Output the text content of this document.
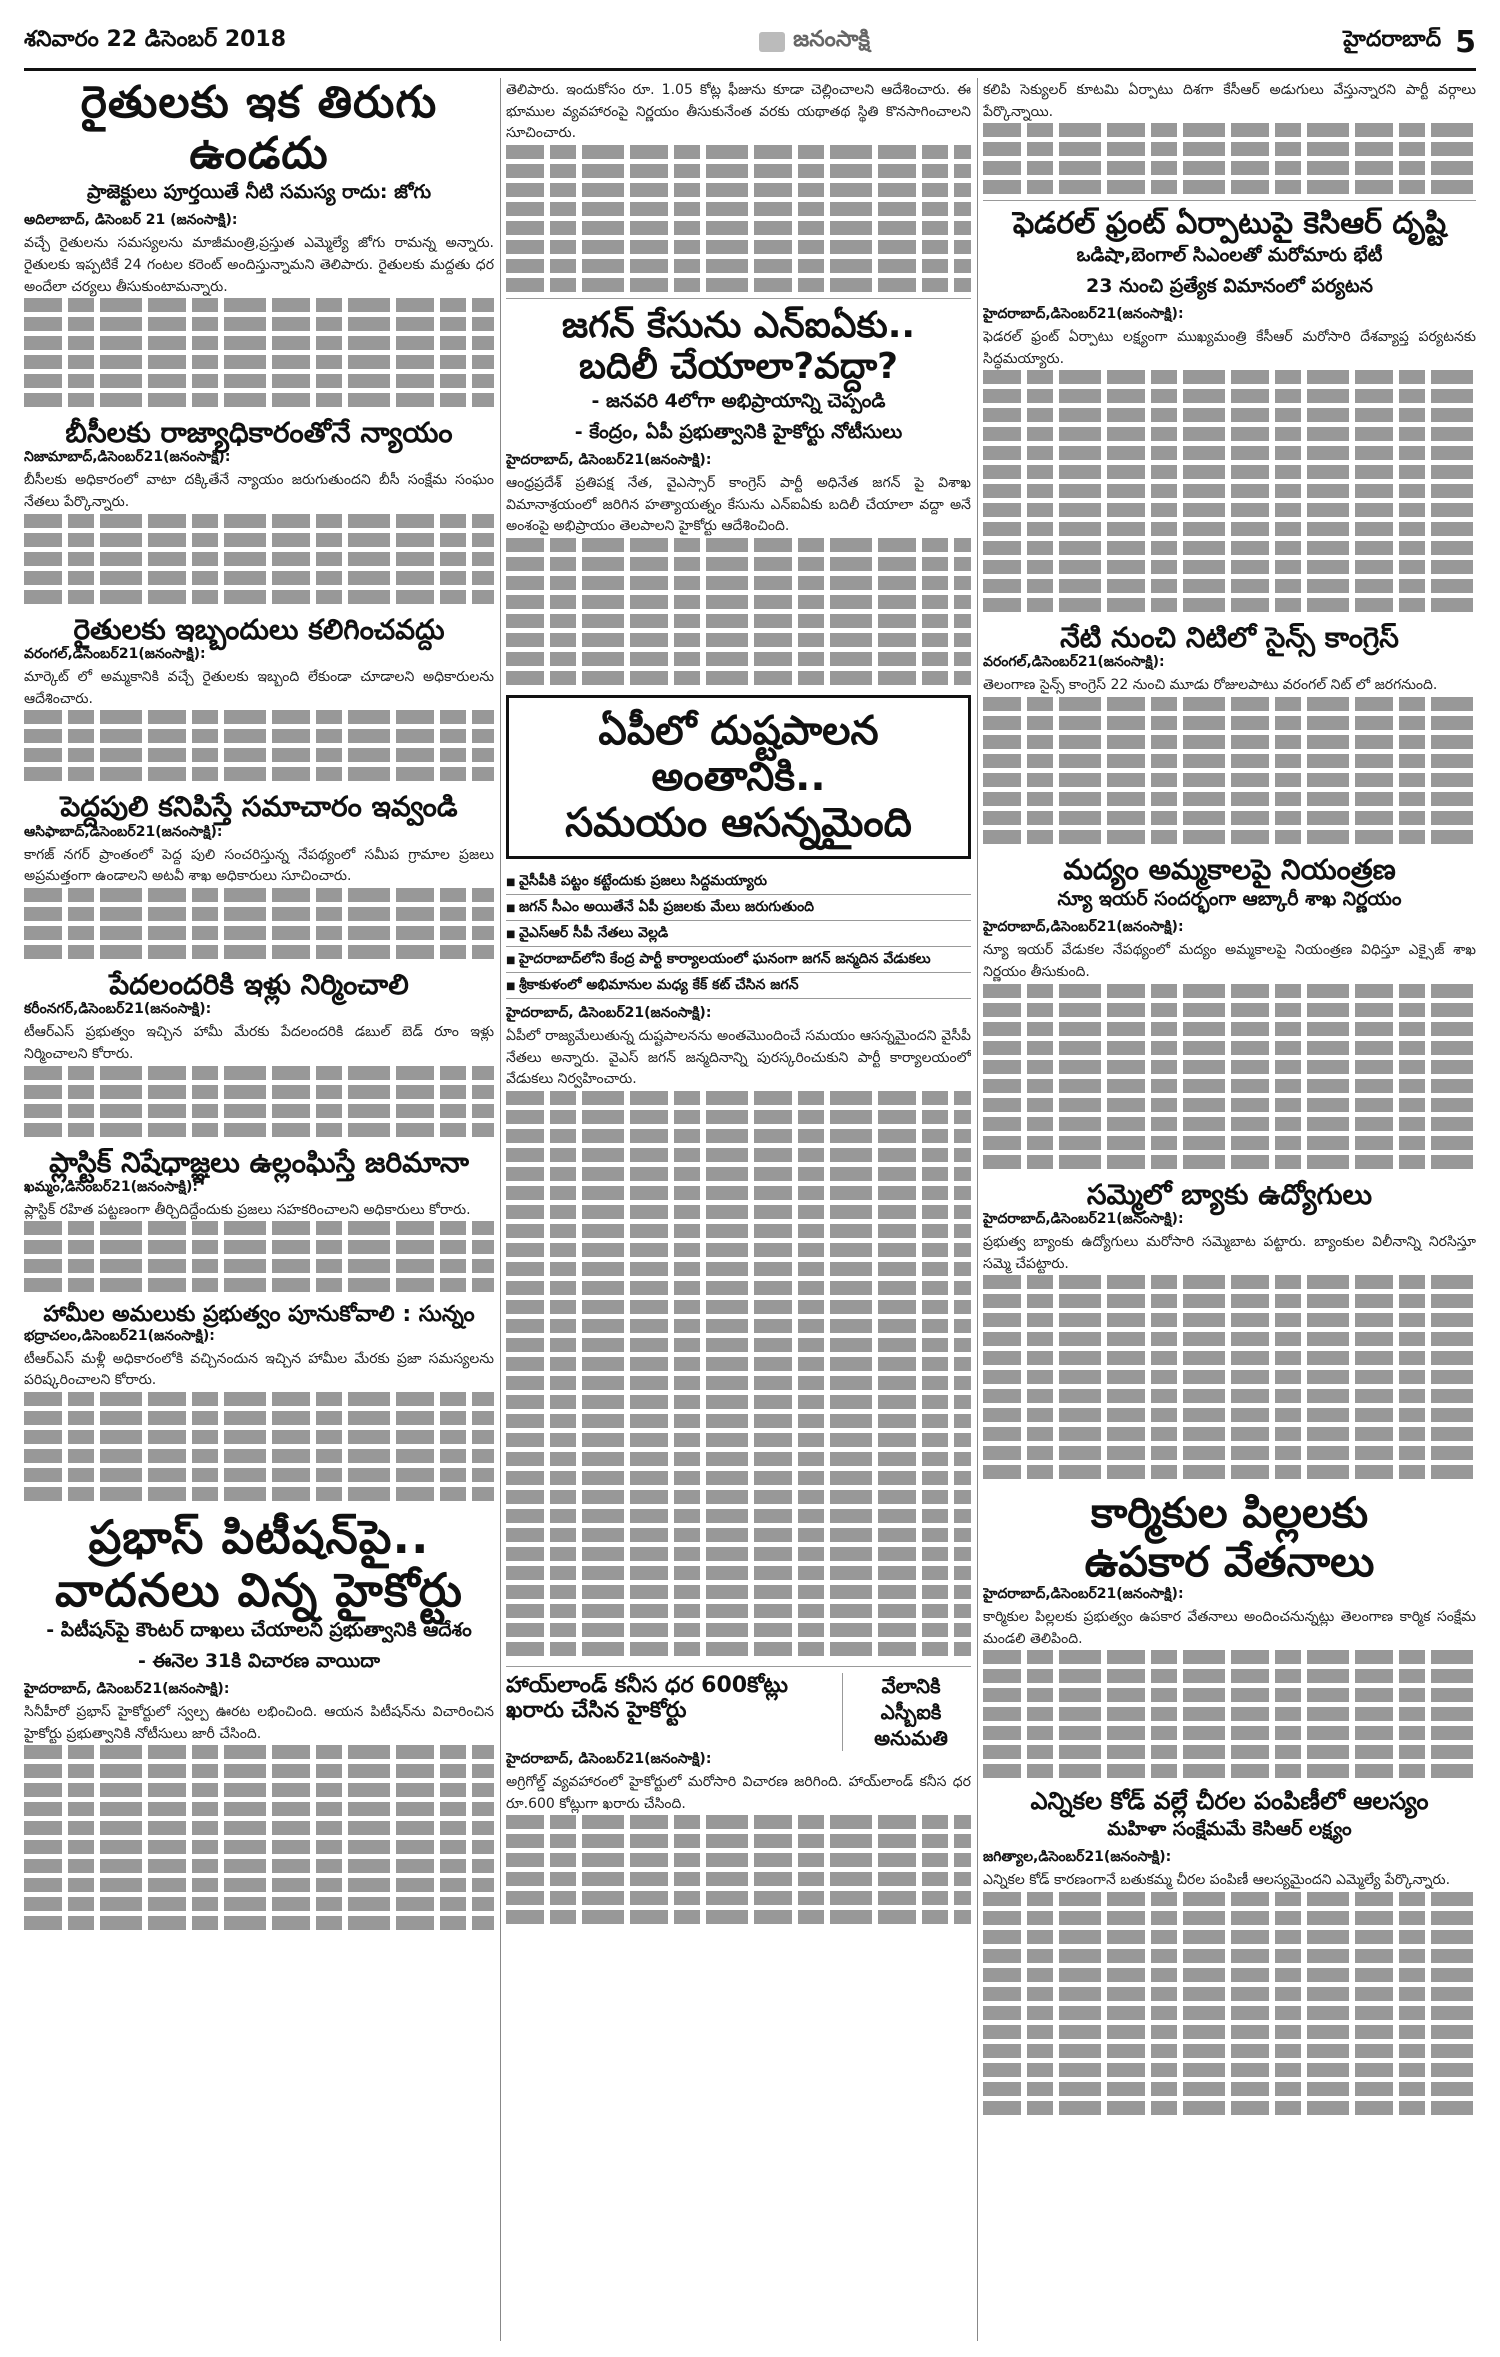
శనివారం 22 డిసెంబర్ 2018	జనంసాక్షి	హైదరాబాద్ 5
రైతులకు ఇక తిరుగు ఉండదు
ప్రాజెక్టులు పూర్తయితే నీటి సమస్య రాదు: జోగు
అదిలాబాద్, డిసెంబర్ 21 (జనంసాక్షి):

వచ్చే రైతులను సమస్యలను మాజీమంత్రి,ప్రస్తుత ఎమ్మెల్యే జోగు రామన్న అన్నారు. రైతులకు ఇప్పటికే 24 గంటల కరెంట్ అందిస్తున్నామని తెలిపారు. రైతులకు మద్దతు ధర అందేలా చర్యలు తీసుకుంటామన్నారు.

బీసీలకు రాజ్యాధికారంతోనే న్యాయం
నిజామాబాద్,డిసెంబర్21(జనంసాక్షి):

బీసీలకు అధికారంలో వాటా దక్కితేనే న్యాయం జరుగుతుందని బీసీ సంక్షేమ సంఘం నేతలు పేర్కొన్నారు.

రైతులకు ఇబ్బందులు కలిగించవద్దు
వరంగల్,డిసెంబర్21(జనంసాక్షి):

మార్కెట్ లో అమ్మకానికి వచ్చే రైతులకు ఇబ్బంది లేకుండా చూడాలని అధికారులను ఆదేశించారు.

పెద్దపులి కనిపిస్తే సమాచారం ఇవ్వండి
ఆసిఫాబాద్,డిసెంబర్21(జనంసాక్షి):

కాగజ్ నగర్ ప్రాంతంలో పెద్ద పులి సంచరిస్తున్న నేపథ్యంలో సమీప గ్రామాల ప్రజలు అప్రమత్తంగా ఉండాలని అటవీ శాఖ అధికారులు సూచించారు.

పేదలందరికి ఇళ్లు నిర్మించాలి
కరీంనగర్,డిసెంబర్21(జనంసాక్షి):

టీఆర్ఎస్ ప్రభుత్వం ఇచ్చిన హామీ మేరకు పేదలందరికి డబుల్ బెడ్ రూం ఇళ్లు నిర్మించాలని కోరారు.

ప్లాస్టిక్ నిషేధాజ్ఞలు ఉల్లంఘిస్తే జరిమానా
ఖమ్మం,డిసెంబర్21(జనంసాక్షి):

ప్లాస్టిక్ రహిత పట్టణంగా తీర్చిదిద్దేందుకు ప్రజలు సహకరించాలని అధికారులు కోరారు.

హామీల అమలుకు ప్రభుత్వం పూనుకోవాలి : సున్నం
భద్రాచలం,డిసెంబర్21(జనంసాక్షి):

టీఆర్ఎస్ మళ్లీ అధికారంలోకి వచ్చినందున ఇచ్చిన హామీల మేరకు ప్రజా సమస్యలను పరిష్కరించాలని కోరారు.

ప్రభాస్ పిటీషన్‌పై..
వాదనలు విన్న హైకోర్టు
- పిటీషన్‌పై కౌంటర్ దాఖలు చేయాలని ప్రభుత్వానికి ఆదేశం
- ఈనెల 31కి విచారణ వాయిదా
హైదరాబాద్, డిసెంబర్21(జనంసాక్షి):

సినీహీరో ప్రభాస్ హైకోర్టులో స్వల్ప ఊరట లభించింది. ఆయన పిటీషన్‌ను విచారించిన హైకోర్టు ప్రభుత్వానికి నోటీసులు జారీ చేసింది.

తెలిపారు. ఇందుకోసం రూ. 1.05 కోట్ల ఫీజును కూడా చెల్లించాలని ఆదేశించారు. ఈ భూముల వ్యవహారంపై నిర్ణయం తీసుకునేంత వరకు యథాతథ స్థితి కొనసాగించాలని సూచించారు.

జగన్ కేసును ఎన్ఐఏకు..
బదిలీ చేయాలా?వద్దా?
- జనవరి 4లోగా అభిప్రాయాన్ని చెప్పండి
- కేంద్రం, ఏపీ ప్రభుత్వానికి హైకోర్టు నోటీసులు
హైదరాబాద్, డిసెంబర్21(జనంసాక్షి):

ఆంధ్రప్రదేశ్ ప్రతిపక్ష నేత, వైఎస్సార్ కాంగ్రెస్ పార్టీ అధినేత జగన్ పై విశాఖ విమానాశ్రయంలో జరిగిన హత్యాయత్నం కేసును ఎన్ఐఏకు బదిలీ చేయాలా వద్దా అనే అంశంపై అభిప్రాయం తెలపాలని హైకోర్టు ఆదేశించింది.

ఏపీలో దుష్టపాలన అంతానికి..
సమయం ఆసన్నమైంది
■ వైసీపీకి పట్టం కట్టేందుకు ప్రజలు సిద్దమయ్యారు
■ జగన్ సీఎం అయితేనే ఏపీ ప్రజలకు మేలు జరుగుతుంది
■ వైఎస్ఆర్ సీపీ నేతలు వెల్లడి
■ హైదరాబాద్‌లోని కేంద్ర పార్టీ కార్యాలయంలో ఘనంగా జగన్ జన్మదిన వేడుకలు
■ శ్రీకాకుళంలో అభిమానుల మధ్య కేక్ కట్ చేసిన జగన్
హైదరాబాద్, డిసెంబర్21(జనంసాక్షి):

ఏపీలో రాజ్యమేలుతున్న దుష్టపాలనను అంతమొందించే సమయం ఆసన్నమైందని వైసీపీ నేతలు అన్నారు. వైఎస్ జగన్ జన్మదినాన్ని పురస్కరించుకుని పార్టీ కార్యాలయంలో వేడుకలు నిర్వహించారు.

హాయ్‌లాండ్ కనీస ధర 600కోట్లు
ఖరారు చేసిన హైకోర్టు
వేలానికి ఎస్బీఐకి అనుమతి
హైదరాబాద్, డిసెంబర్21(జనంసాక్షి):

అగ్రిగోల్డ్ వ్యవహారంలో హైకోర్టులో మరోసారి విచారణ జరిగింది. హాయ్‌లాండ్ కనీస ధర రూ.600 కోట్లుగా ఖరారు చేసింది.

కలిపి సెక్యులర్ కూటమి ఏర్పాటు దిశగా కేసీఆర్ అడుగులు వేస్తున్నారని పార్టీ వర్గాలు పేర్కొన్నాయి.

ఫెడరల్ ఫ్రంట్ ఏర్పాటుపై కెసిఆర్ దృష్టి
ఒడిషా,బెంగాల్ సిఎంలతో మరోమారు భేటీ
23 నుంచి ప్రత్యేక విమానంలో పర్యటన
హైదరాబాద్,డిసెంబర్21(జనంసాక్షి):

ఫెడరల్ ఫ్రంట్ ఏర్పాటు లక్ష్యంగా ముఖ్యమంత్రి కేసీఆర్ మరోసారి దేశవ్యాప్త పర్యటనకు సిద్ధమయ్యారు.

నేటి నుంచి నిటిలో సైన్స్ కాంగ్రెస్
వరంగల్,డిసెంబర్21(జనంసాక్షి):

తెలంగాణ సైన్స్ కాంగ్రెస్ 22 నుంచి మూడు రోజులపాటు వరంగల్ నిట్ లో జరగనుంది.

మద్యం అమ్మకాలపై నియంత్రణ
న్యూ ఇయర్ సందర్భంగా ఆబ్కారీ శాఖ నిర్ణయం
హైదరాబాద్,డిసెంబర్21(జనంసాక్షి):

న్యూ ఇయర్ వేడుకల నేపథ్యంలో మద్యం అమ్మకాలపై నియంత్రణ విధిస్తూ ఎక్సైజ్ శాఖ నిర్ణయం తీసుకుంది.

సమ్మెలో బ్యాకు ఉద్యోగులు
హైదరాబాద్,డిసెంబర్21(జనంసాక్షి):

ప్రభుత్వ బ్యాంకు ఉద్యోగులు మరోసారి సమ్మెబాట పట్టారు. బ్యాంకుల విలీనాన్ని నిరసిస్తూ సమ్మె చేపట్టారు.

కార్మికుల పిల్లలకు
ఉపకార వేతనాలు
హైదరాబాద్,డిసెంబర్21(జనంసాక్షి):

కార్మికుల పిల్లలకు ప్రభుత్వం ఉపకార వేతనాలు అందించనున్నట్లు తెలంగాణ కార్మిక సంక్షేమ మండలి తెలిపింది.

ఎన్నికల కోడ్ వల్లే చీరల పంపిణీలో ఆలస్యం
మహిళా సంక్షేమమే కెసిఆర్ లక్ష్యం
జగిత్యాల,డిసెంబర్21(జనంసాక్షి):

ఎన్నికల కోడ్ కారణంగానే బతుకమ్మ చీరల పంపిణీ ఆలస్యమైందని ఎమ్మెల్యే పేర్కొన్నారు.
